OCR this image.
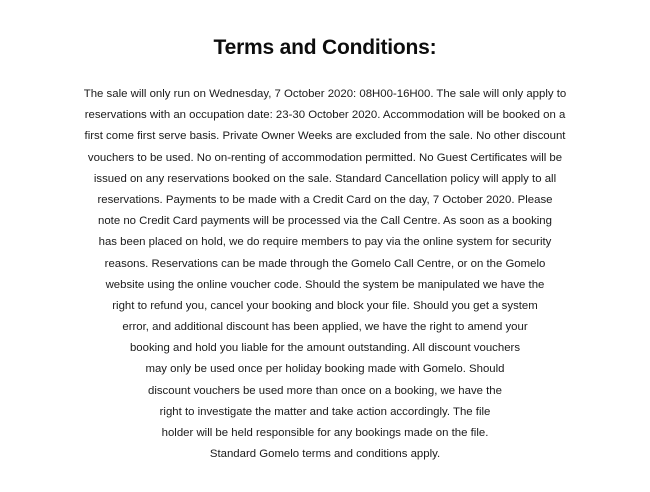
Terms and Conditions:
The sale will only run on Wednesday, 7 October 2020: 08H00-16H00. The sale will only apply to
reservations with an occupation date: 23-30 October 2020. Accommodation will be booked on a
first come first serve basis. Private Owner Weeks are excluded from the sale. No other discount
vouchers to be used. No on-renting of accommodation permitted. No Guest Certificates will be
issued on any reservations booked on the sale. Standard Cancellation policy will apply to all
reservations. Payments to be made with a Credit Card on the day, 7 October 2020. Please
note no Credit Card payments will be processed via the Call Centre. As soon as a booking
has been placed on hold, we do require members to pay via the online system for security
reasons. Reservations can be made through the Gomelo Call Centre, or on the Gomelo
website using the online voucher code. Should the system be manipulated we have the
right to refund you, cancel your booking and block your file. Should you get a system
error, and additional discount has been applied, we have the right to amend your
booking and hold you liable for the amount outstanding. All discount vouchers
may only be used once per holiday booking made with Gomelo. Should
discount vouchers be used more than once on a booking, we have the
right to investigate the matter and take action accordingly. The file
holder will be held responsible for any bookings made on the file.
Standard Gomelo terms and conditions apply.
